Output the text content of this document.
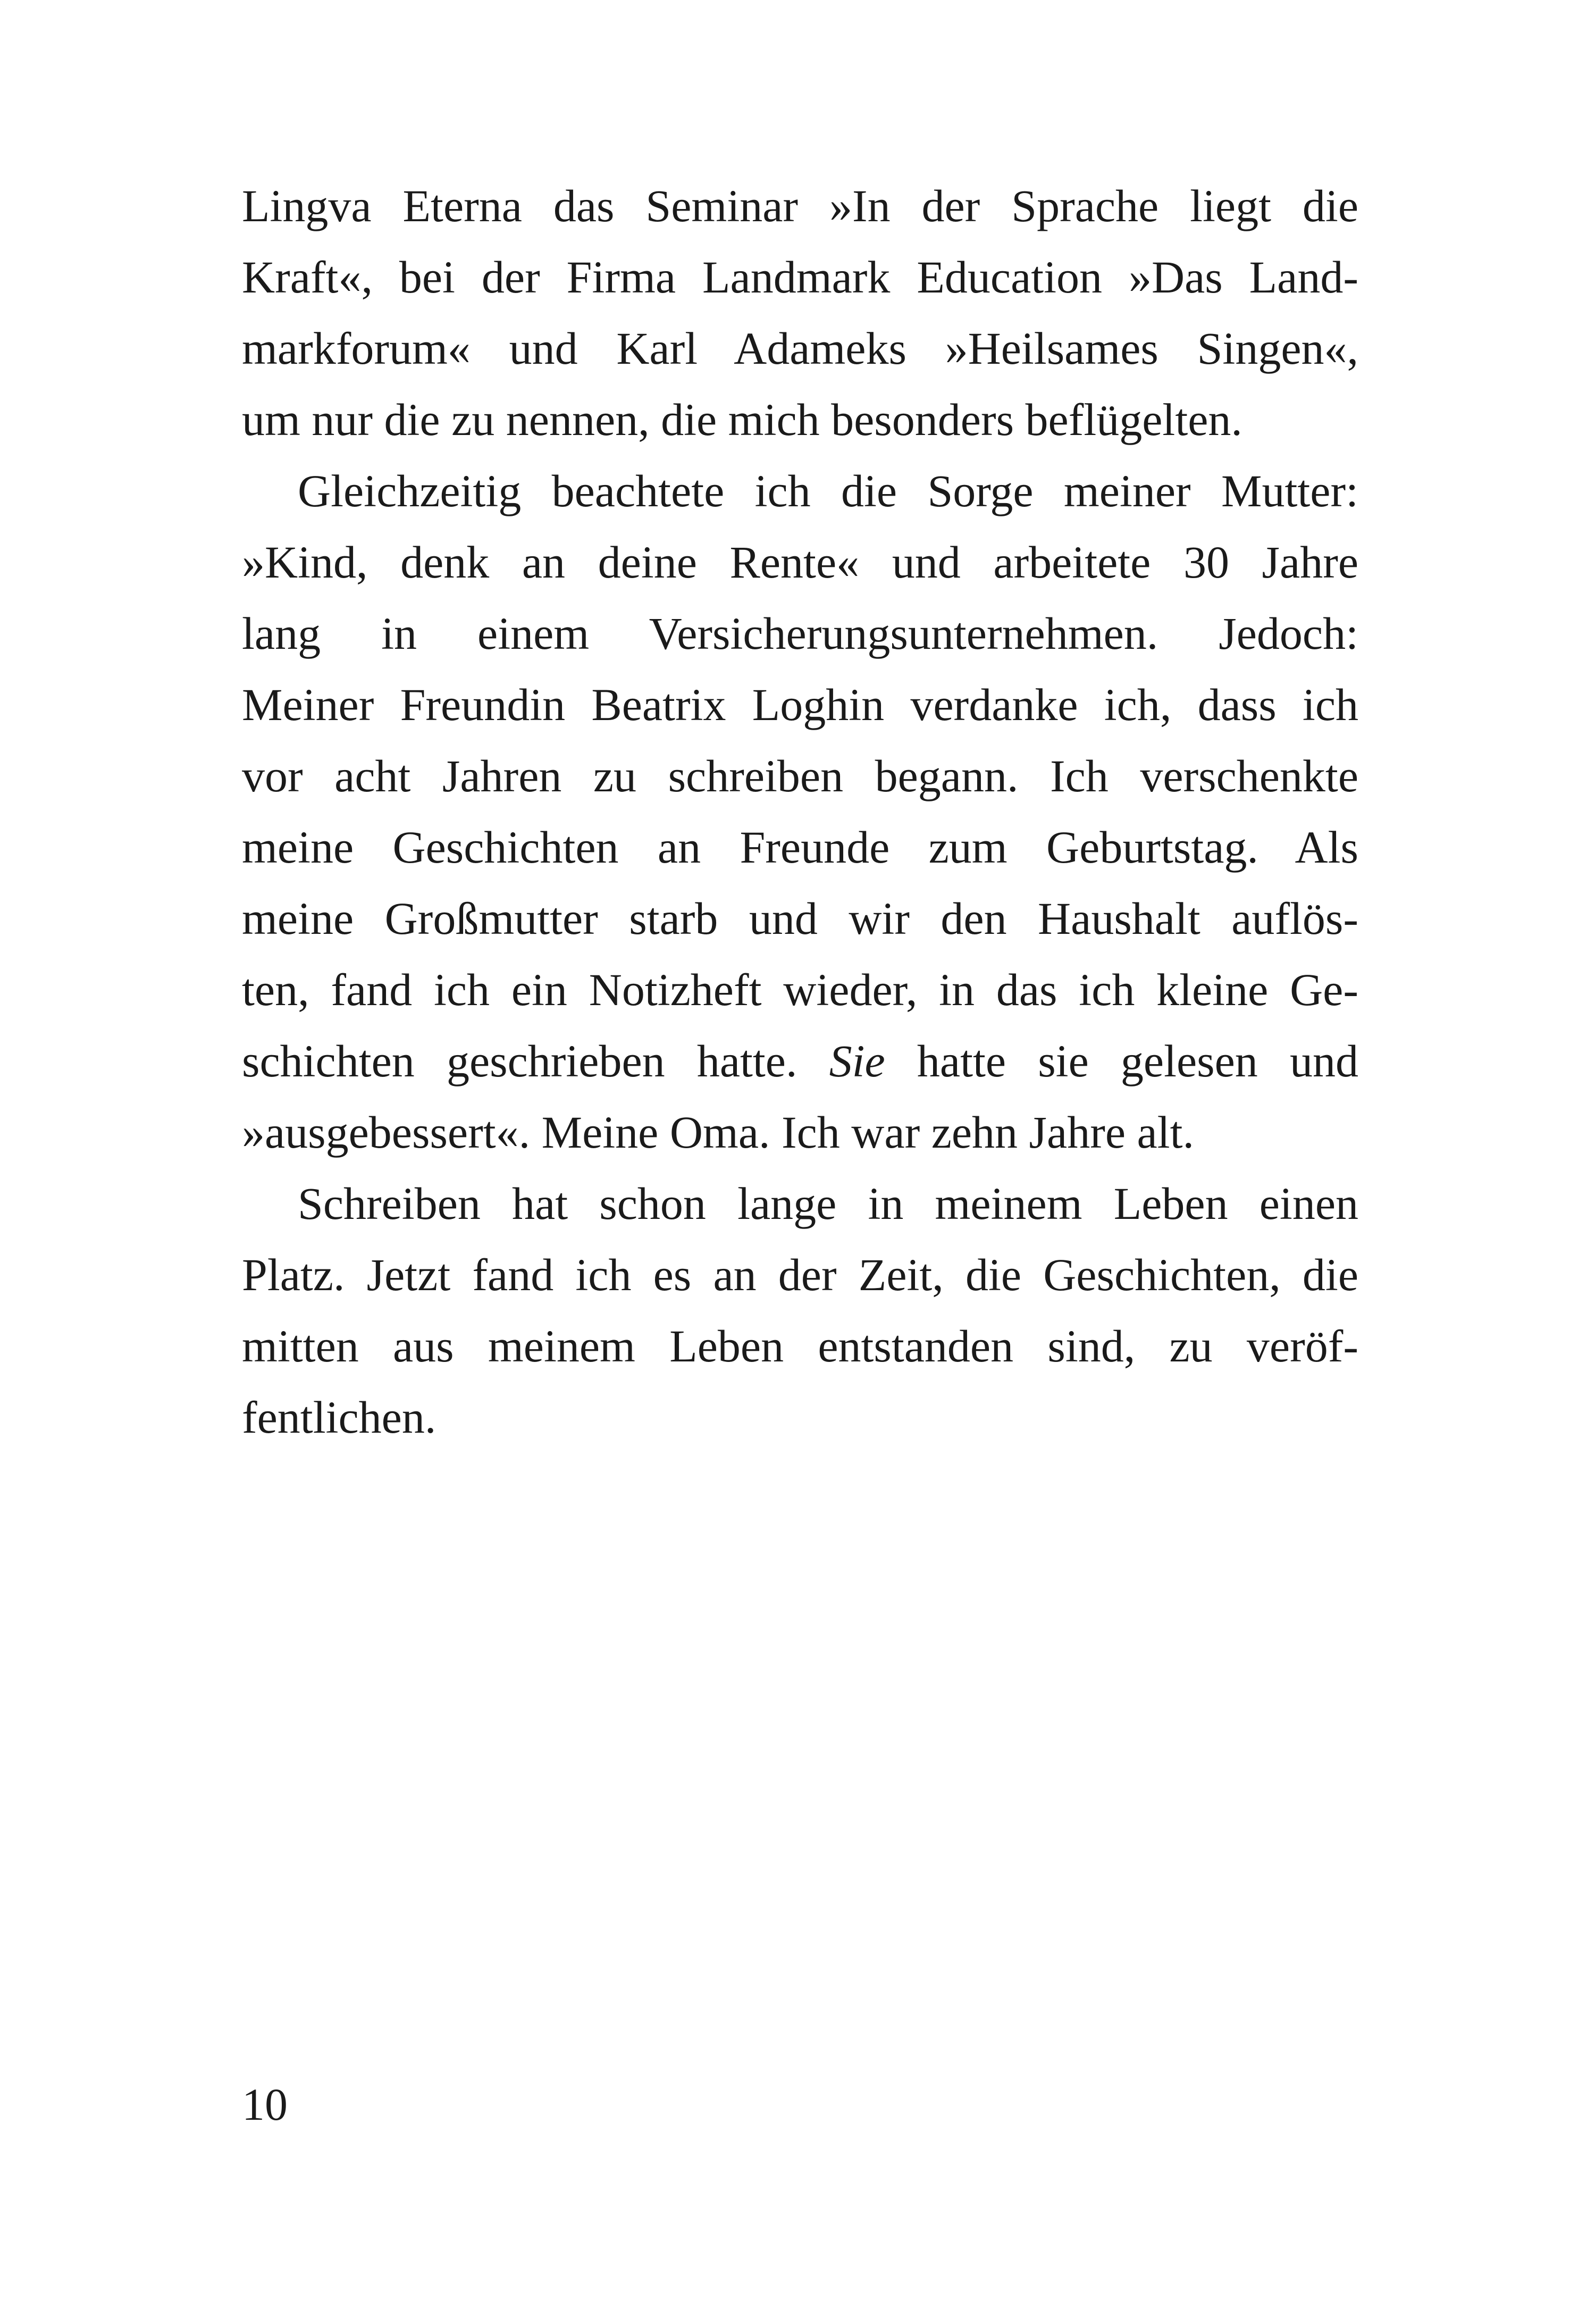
Lingva Eterna das Seminar »In der Sprache liegt die
Kraft«, bei der Firma Landmark Education »Das Land-
markforum« und Karl Adameks »Heilsames Singen«,
um nur die zu nennen, die mich besonders beflügelten.
Gleichzeitig beachtete ich die Sorge meiner Mutter:
»Kind, denk an deine Rente« und arbeitete 30 Jahre
lang in einem Versicherungsunternehmen. Jedoch:
Meiner Freundin Beatrix Loghin verdanke ich, dass ich
vor acht Jahren zu schreiben begann. Ich verschenkte
meine Geschichten an Freunde zum Geburtstag. Als
meine Großmutter starb und wir den Haushalt auflös-
ten, fand ich ein Notizheft wieder, in das ich kleine Ge-
schichten geschrieben hatte. Sie hatte sie gelesen und
»ausgebessert«. Meine Oma. Ich war zehn Jahre alt.
Schreiben hat schon lange in meinem Leben einen
Platz. Jetzt fand ich es an der Zeit, die Geschichten, die
mitten aus meinem Leben entstanden sind, zu veröf-
fentlichen.
10
